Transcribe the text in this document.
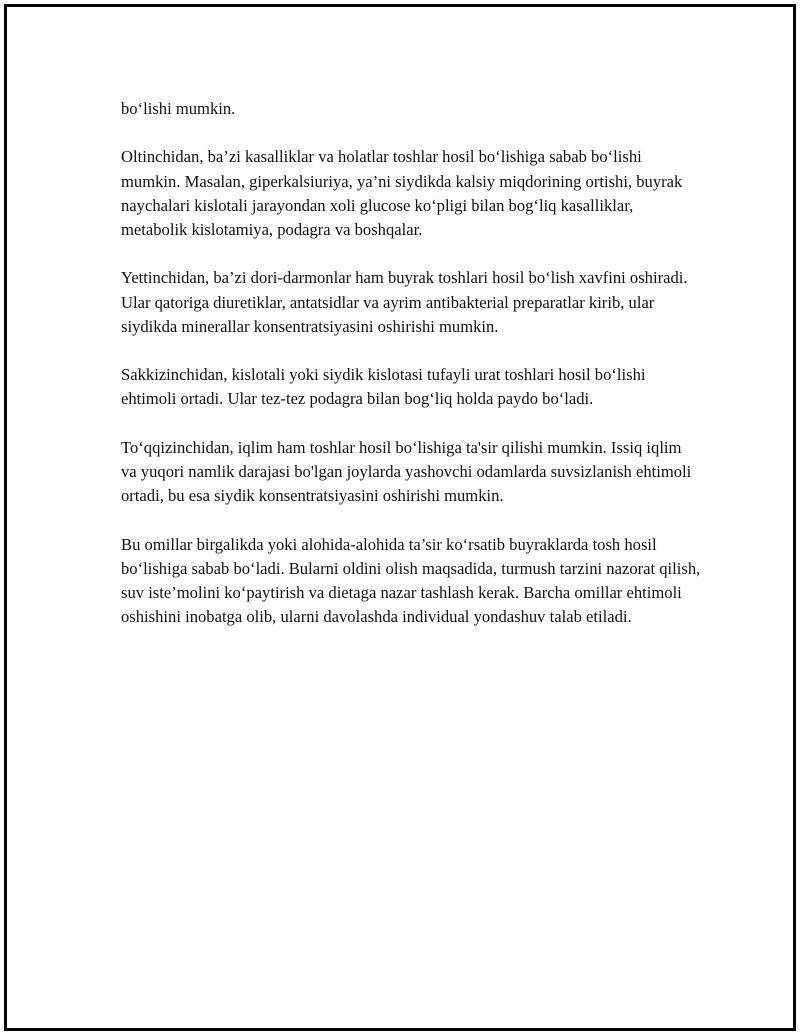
bo‘lishi mumkin.

Oltinchidan, ba’zi kasalliklar va holatlar toshlar hosil bo‘lishiga sabab bo‘lishi mumkin. Masalan, giperkalsiuriya, ya’ni siydikda kalsiy miqdorining ortishi, buyrak naychalari kislotali jarayondan xoli glucose ko‘pligi bilan bog‘liq kasalliklar, metabolik kislotamiya, podagra va boshqalar.

Yettinchidan, ba’zi dori-darmonlar ham buyrak toshlari hosil bo‘lish xavfini oshiradi. Ular qatoriga diuretiklar, antatsidlar va ayrim antibakterial preparatlar kirib, ular siydikda minerallar konsentratsiyasini oshirishi mumkin.

Sakkizinchidan, kislotali yoki siydik kislotasi tufayli urat toshlari hosil bo‘lishi ehtimoli ortadi. Ular tez-tez podagra bilan bog‘liq holda paydo bo‘ladi.

To‘qqizinchidan, iqlim ham toshlar hosil bo‘lishiga ta'sir qilishi mumkin. Issiq iqlim va yuqori namlik darajasi bo'lgan joylarda yashovchi odamlarda suvsizlanish ehtimoli ortadi, bu esa siydik konsentratsiyasini oshirishi mumkin.

Bu omillar birgalikda yoki alohida-alohida ta’sir ko‘rsatib buyraklarda tosh hosil bo‘lishiga sabab bo‘ladi. Bularni oldini olish maqsadida, turmush tarzini nazorat qilish, suv iste’molini ko‘paytirish va dietaga nazar tashlash kerak. Barcha omillar ehtimoli oshishini inobatga olib, ularni davolashda individual yondashuv talab etiladi.
